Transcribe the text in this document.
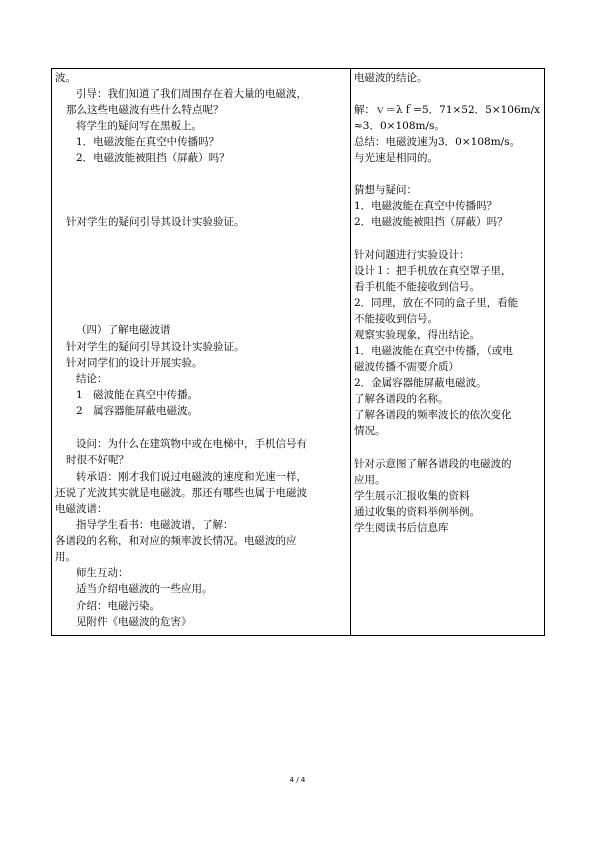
波。
引导：我们知道了我们周围存在着大量的电磁波，
那么这些电磁波有些什么特点呢？
将学生的疑问写在黑板上。
1．电磁波能在真空中传播吗？
2．电磁波能被阻挡（屏蔽）吗？
针对学生的疑问引导其设计实验验证。
（四）了解电磁波谱
针对学生的疑问引导其设计实验验证。
针对同学们的设计开展实验。
结论：
1　磁波能在真空中传播。
2　属容器能屏蔽电磁波。
设问：为什么在建筑物中或在电梯中，手机信号有
时很不好呢？
转承语：刚才我们说过电磁波的速度和光速一样，
还说了光波其实就是电磁波。那还有哪些也属于电磁波
电磁波谱：
指导学生看书：电磁波谱，了解：
各谱段的名称，和对应的频率波长情况。电磁波的应
用。
师生互动：
适当介绍电磁波的一些应用。
介绍：电磁污染。
见附件《电磁波的危害》
电磁波的结论。
解：ｖ＝λｆ=5．71×52．5×106m/x
≈3．0×108m/s。
总结：电磁波速为3．0×108m/s。
与光速是相同的。
猜想与疑问：
1．电磁波能在真空中传播吗？
2．电磁波能被阻挡（屏蔽）吗？
针对问题进行实验设计：
设计１：把手机放在真空罩子里，
看手机能不能接收到信号。
2．同理，放在不同的盒子里，看能
不能接收到信号。
观察实验现象，得出结论。
1．电磁波能在真空中传播，（或电
磁波传播不需要介质）
2．金属容器能屏蔽电磁波。
了解各谱段的名称。
了解各谱段的频率波长的依次变化
情况。
针对示意图了解各谱段的电磁波的
应用。
学生展示汇报收集的资料
通过收集的资料举例举例。
学生阅读书后信息库
4 / 4
